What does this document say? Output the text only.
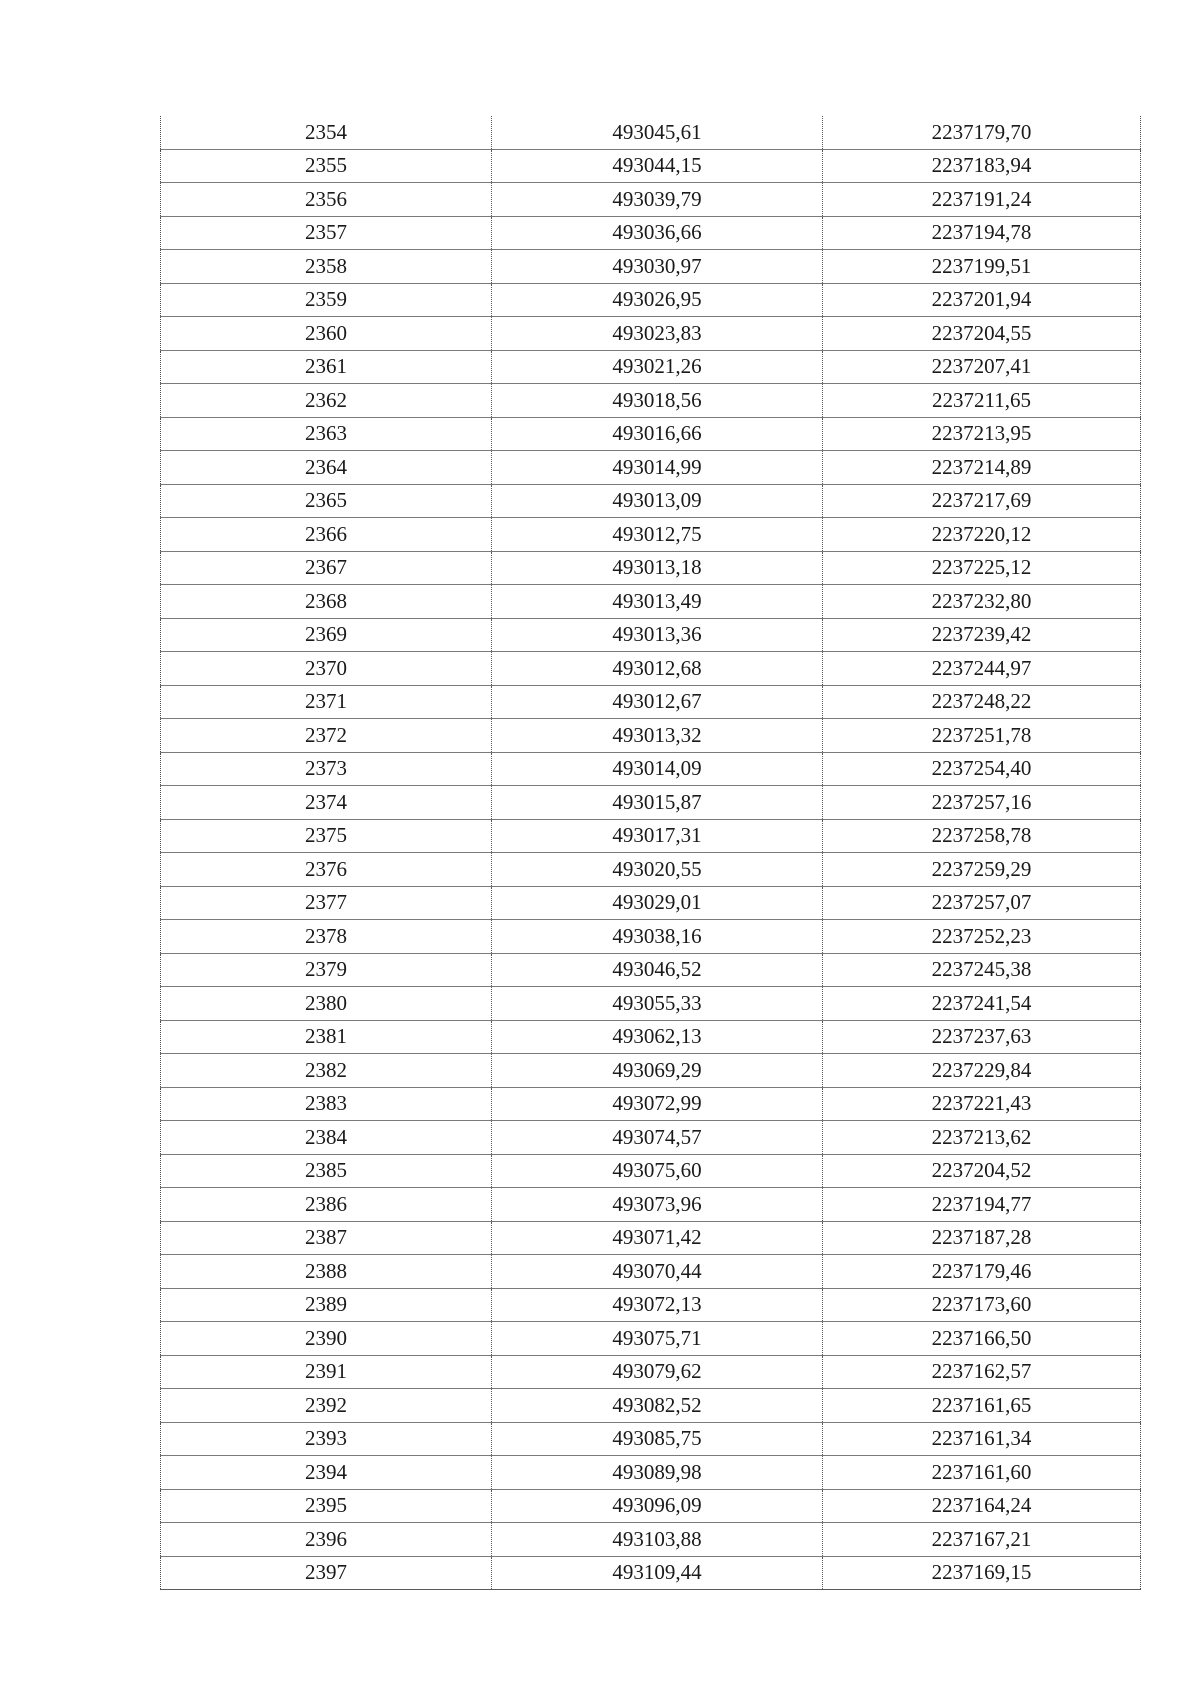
2354	493045,61	2237179,70
2355	493044,15	2237183,94
2356	493039,79	2237191,24
2357	493036,66	2237194,78
2358	493030,97	2237199,51
2359	493026,95	2237201,94
2360	493023,83	2237204,55
2361	493021,26	2237207,41
2362	493018,56	2237211,65
2363	493016,66	2237213,95
2364	493014,99	2237214,89
2365	493013,09	2237217,69
2366	493012,75	2237220,12
2367	493013,18	2237225,12
2368	493013,49	2237232,80
2369	493013,36	2237239,42
2370	493012,68	2237244,97
2371	493012,67	2237248,22
2372	493013,32	2237251,78
2373	493014,09	2237254,40
2374	493015,87	2237257,16
2375	493017,31	2237258,78
2376	493020,55	2237259,29
2377	493029,01	2237257,07
2378	493038,16	2237252,23
2379	493046,52	2237245,38
2380	493055,33	2237241,54
2381	493062,13	2237237,63
2382	493069,29	2237229,84
2383	493072,99	2237221,43
2384	493074,57	2237213,62
2385	493075,60	2237204,52
2386	493073,96	2237194,77
2387	493071,42	2237187,28
2388	493070,44	2237179,46
2389	493072,13	2237173,60
2390	493075,71	2237166,50
2391	493079,62	2237162,57
2392	493082,52	2237161,65
2393	493085,75	2237161,34
2394	493089,98	2237161,60
2395	493096,09	2237164,24
2396	493103,88	2237167,21
2397	493109,44	2237169,15
